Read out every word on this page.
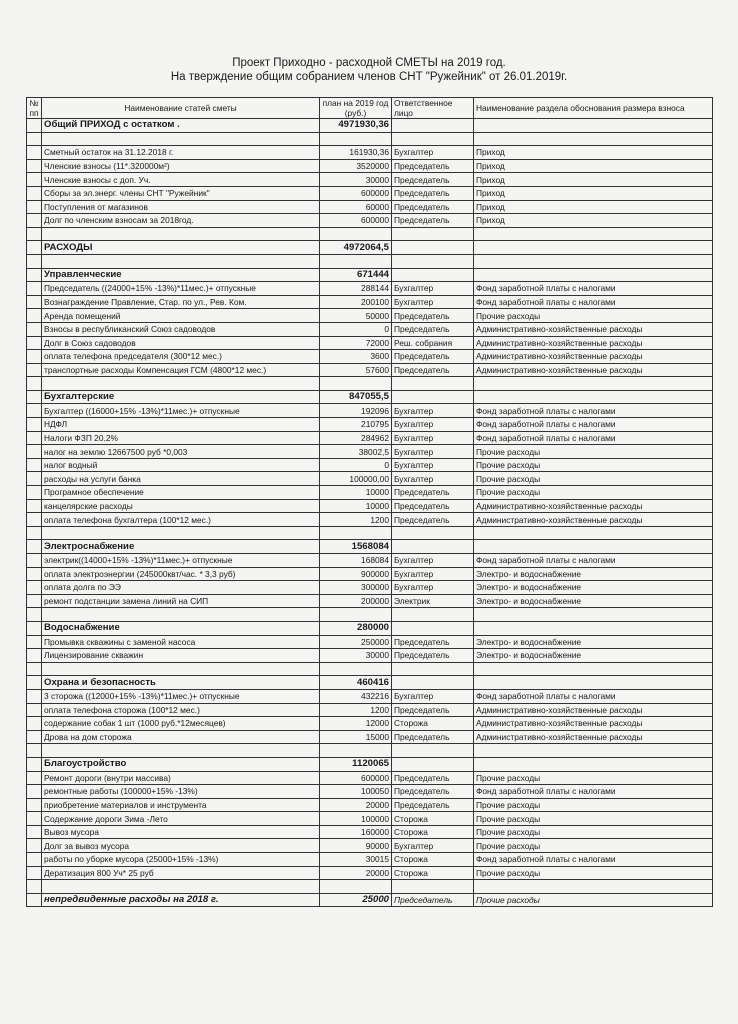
Проект Приходно - расходной СМЕТЫ на 2019 год.
На твеpждение общим собранием членов СНТ "Ружейник" от 26.01.2019г.
№ пп	Наименование статей сметы	план на 2019 год (руб.)	Ответственное лицо	Наименование раздела обоснования размера взноса
	Общий ПРИХОД с остатком .	4971930,36		

	Сметный остаток на 31.12.2018 г.	161930,36	Бухгалтер	Приход
	Членские взносы (11*.320000м²)	3520000	Председатель	Приход
	Членские взносы с доп. Уч.	30000	Председатель	Приход
	Сборы за эл.энерг. члены СНТ "Ружейник"	600000	Председатель	Приход
	Поступления от магазинов	60000	Председатель	Приход
	Долг по членским взносам за 2018год.	600000	Председатель	Приход

	РАСХОДЫ	4972064,5		

	Управленческие	671444		
	Председатель ((24000+15% -13%)*11мес.)+ отпускные	288144	Бухгалтер	Фонд заработной платы с налогами
	Вознаграждение Правление, Стар. по ул., Рев. Ком.	200100	Бухгалтер	Фонд заработной платы с налогами
	Аренда помещений	50000	Председатель	Прочие расходы
	Взносы в республиканский Союз садоводов	0	Председатель	Административно-хозяйственные расходы
	Долг в Союз садоводов	72000	Реш. собрания	Административно-хозяйственные расходы
	оплата телефона председателя (300*12 мес.)	3600	Председатель	Административно-хозяйственные расходы
	транспортные расходы Компенсация ГСМ (4800*12 мес.)	57600	Председатель	Административно-хозяйственные расходы

	Бухгалтерские	847055,5		
	Бухгалтер ((16000+15% -13%)*11мес.)+ отпускные	192096	Бухгалтер	Фонд заработной платы с налогами
	НДФЛ	210795	Бухгалтер	Фонд заработной платы с налогами
	Налоги ФЗП 20.2%	284962	Бухгалтер	Фонд заработной платы с налогами
	налог на землю 12667500 руб *0,003	38002,5	Бухгалтер	Прочие расходы
	налог водный	0	Бухгалтер	Прочие расходы
	расходы на услуги банка	100000,00	Бухгалтер	Прочие расходы
	Програмное обеспечение	10000	Председатель	Прочие расходы
	канцелярские расходы	10000	Председатель	Административно-хозяйственные расходы
	оплата телефона бухгалтера (100*12 мес.)	1200	Председатель	Административно-хозяйственные расходы

	Электроснабжение	1568084		
	электрик((14000+15% -13%)*11мес.)+ отпускные	168084	Бухгалтер	Фонд заработной платы с налогами
	оплата электроэнергии (245000квт/час. * 3,3 руб)	900000	Бухгалтер	Электро- и водоснабжение
	оплата долга по ЭЭ	300000	Бухгалтер	Электро- и водоснабжение
	ремонт подстанции замена линий на СИП	200000	Электрик	Электро- и водоснабжение

	Водоснабжение	280000		
	Промывка скважины с заменой насоса	250000	Председатель	Электро- и водоснабжение
	Лицензирование скважин	30000	Председатель	Электро- и водоснабжение

	Охрана и безопасность	460416		
	3 сторожа ((12000+15% -13%)*11мес.)+ отпускные	432216	Бухгалтер	Фонд заработной платы с налогами
	оплата телефона сторожа (100*12 мес.)	1200	Председатель	Административно-хозяйственные расходы
	содержание собак 1 шт (1000 руб.*12месяцев)	12000	Сторожа	Административно-хозяйственные расходы
	Дрова на дом сторожа	15000	Председатель	Административно-хозяйственные расходы

	Благоустройство	1120065		
	Ремонт дороги (внутри массива)	600000	Председатель	Прочие расходы
	ремонтные работы (100000+15% -13%)	100050	Председатель	Фонд заработной платы с налогами
	приобретение материалов и инструмента	20000	Председатель	Прочие расходы
	Содержание дороги Зима -Лето	100000	Сторожа	Прочие расходы
	Вывоз мусора	160000	Сторожа	Прочие расходы
	Долг за вывоз мусора	90000	Бухгалтер	Прочие расходы
	работы по уборке мусора (25000+15% -13%)	30015	Сторожа	Фонд заработной платы с налогами
	Дератизация 800 Уч* 25 руб	20000	Сторожа	Прочие расходы

	непредвиденные расходы на 2018 г.	25000	Председатель	Прочие расходы
